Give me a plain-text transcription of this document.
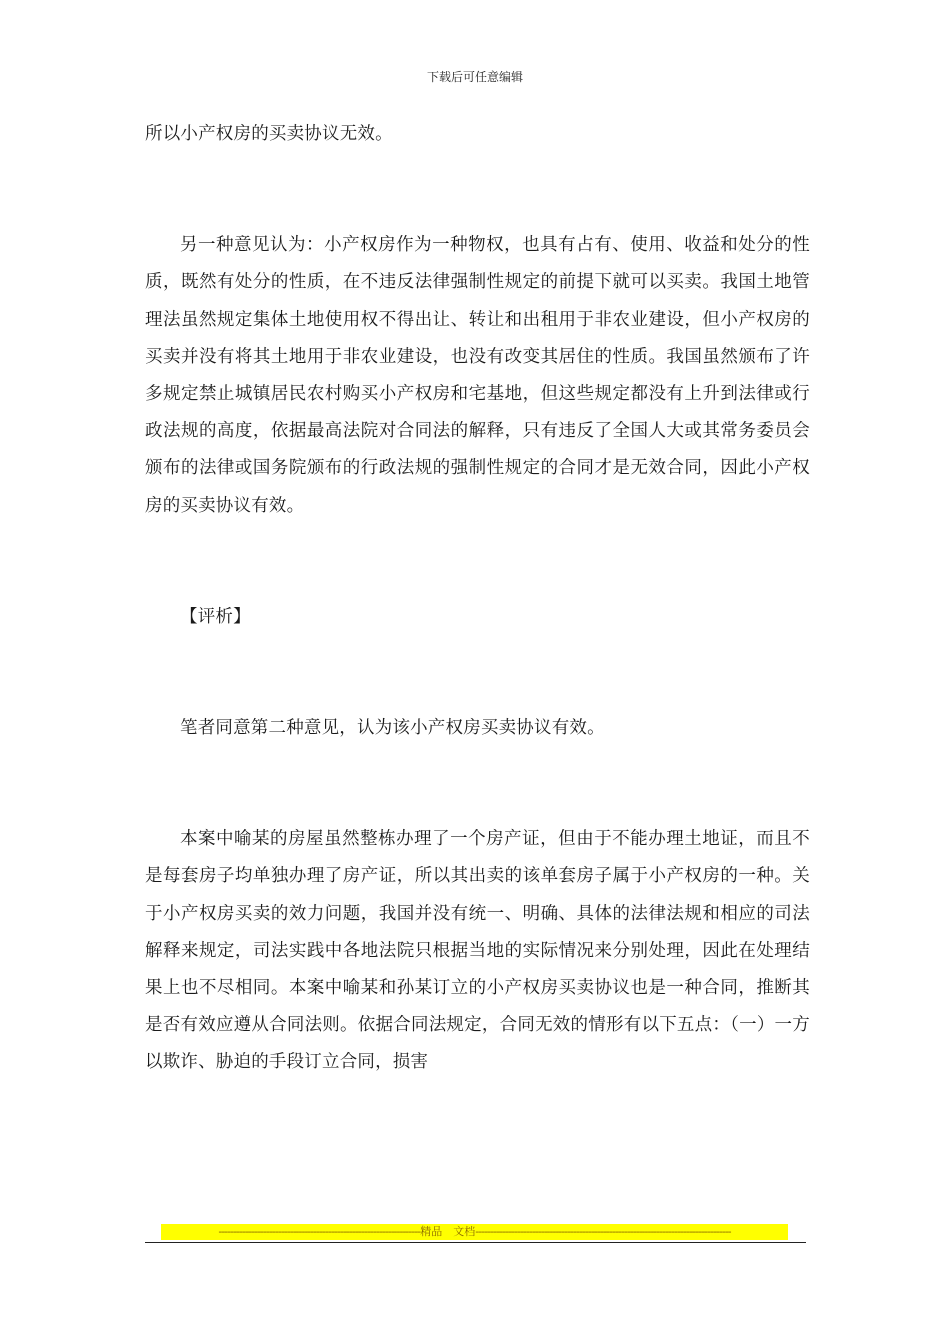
下载后可任意编辑

所以小产权房的买卖协议无效。

另一种意见认为：小产权房作为一种物权，也具有占有、使用、收益和处分的性质，既然有处分的性质，在不违反法律强制性规定的前提下就可以买卖。我国土地管理法虽然规定集体土地使用权不得出让、转让和出租用于非农业建设，但小产权房的买卖并没有将其土地用于非农业建设，也没有改变其居住的性质。我国虽然颁布了许多规定禁止城镇居民农村购买小产权房和宅基地，但这些规定都没有上升到法律或行政法规的高度，依据最高法院对合同法的解释，只有违反了全国人大或其常务委员会颁布的法律或国务院颁布的行政法规的强制性规定的合同才是无效合同，因此小产权房的买卖协议有效。

【评析】

笔者同意第二种意见，认为该小产权房买卖协议有效。

本案中喻某的房屋虽然整栋办理了一个房产证，但由于不能办理土地证，而且不是每套房子均单独办理了房产证，所以其出卖的该单套房子属于小产权房的一种。关于小产权房买卖的效力问题，我国并没有统一、明确、具体的法律法规和相应的司法解释来规定，司法实践中各地法院只根据当地的实际情况来分别处理，因此在处理结果上也不尽相同。本案中喻某和孙某订立的小产权房买卖协议也是一种合同，推断其是否有效应遵从合同法则。依据合同法规定，合同无效的情形有以下五点：（一）一方以欺诈、胁迫的手段订立合同，损害

--------------------------------------------------------------------精品　文档--------------------------------------------------------------------------------------
